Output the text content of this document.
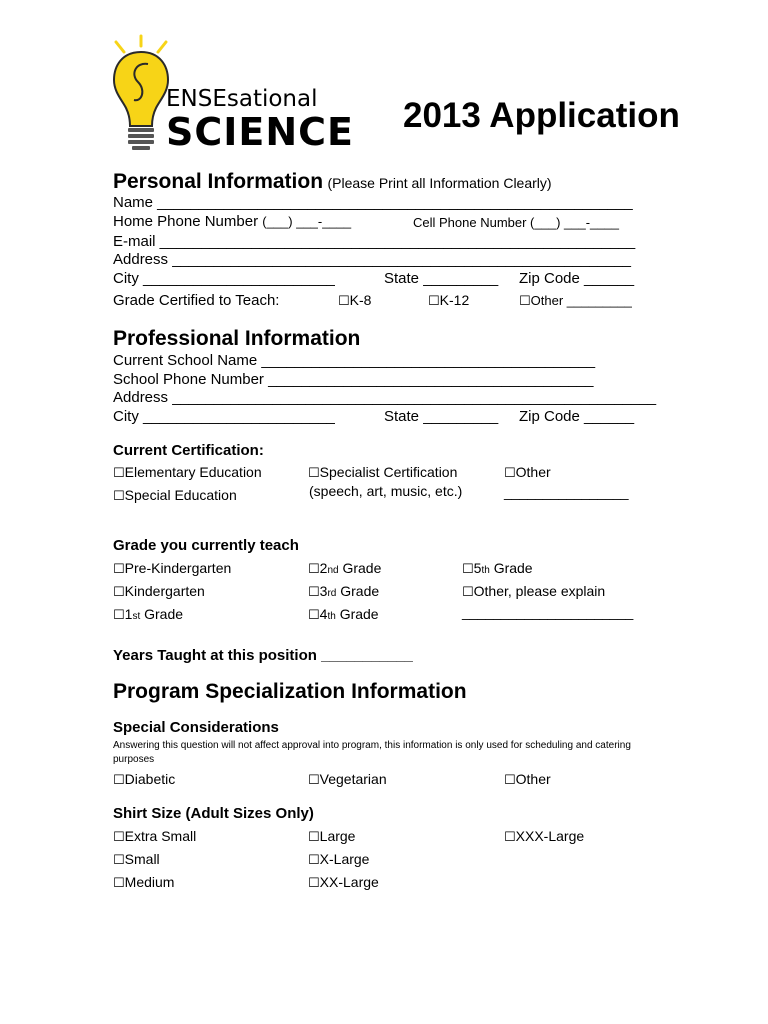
ENSEsational
SCIENCE 2013 Application
Personal Information (Please Print all Information Clearly)
Name _________________________________________________________
Home Phone Number (___) ___-____	Cell Phone Number (___) ___-____
E-mail _________________________________________________________
Address _______________________________________________________
City _______________________	State _________ Zip Code ______
Grade Certified to Teach:	☐K-8	☐K-12	☐Other _________
Professional Information
Current School Name ________________________________________
School Phone Number _______________________________________
Address __________________________________________________________
City _______________________	State _________ Zip Code ______
Current Certification:
☐Elementary Education
☐Special Education
☐Specialist Certification
(speech, art, music, etc.)
☐Other
________________
Grade you currently teach
☐Pre-Kindergarten
☐Kindergarten
☐1st Grade
☐2nd Grade
☐3rd Grade
☐4th Grade
☐5th Grade
☐Other, please explain
______________________
Years Taught at this position ___________
Program Specialization Information
Special Considerations
Answering this question will not affect approval into program, this information is only used for scheduling and catering purposes
☐Diabetic	☐Vegetarian	☐Other
Shirt Size (Adult Sizes Only)
☐Extra Small
☐Small
☐Medium
☐Large
☐X-Large
☐XX-Large
☐XXX-Large
